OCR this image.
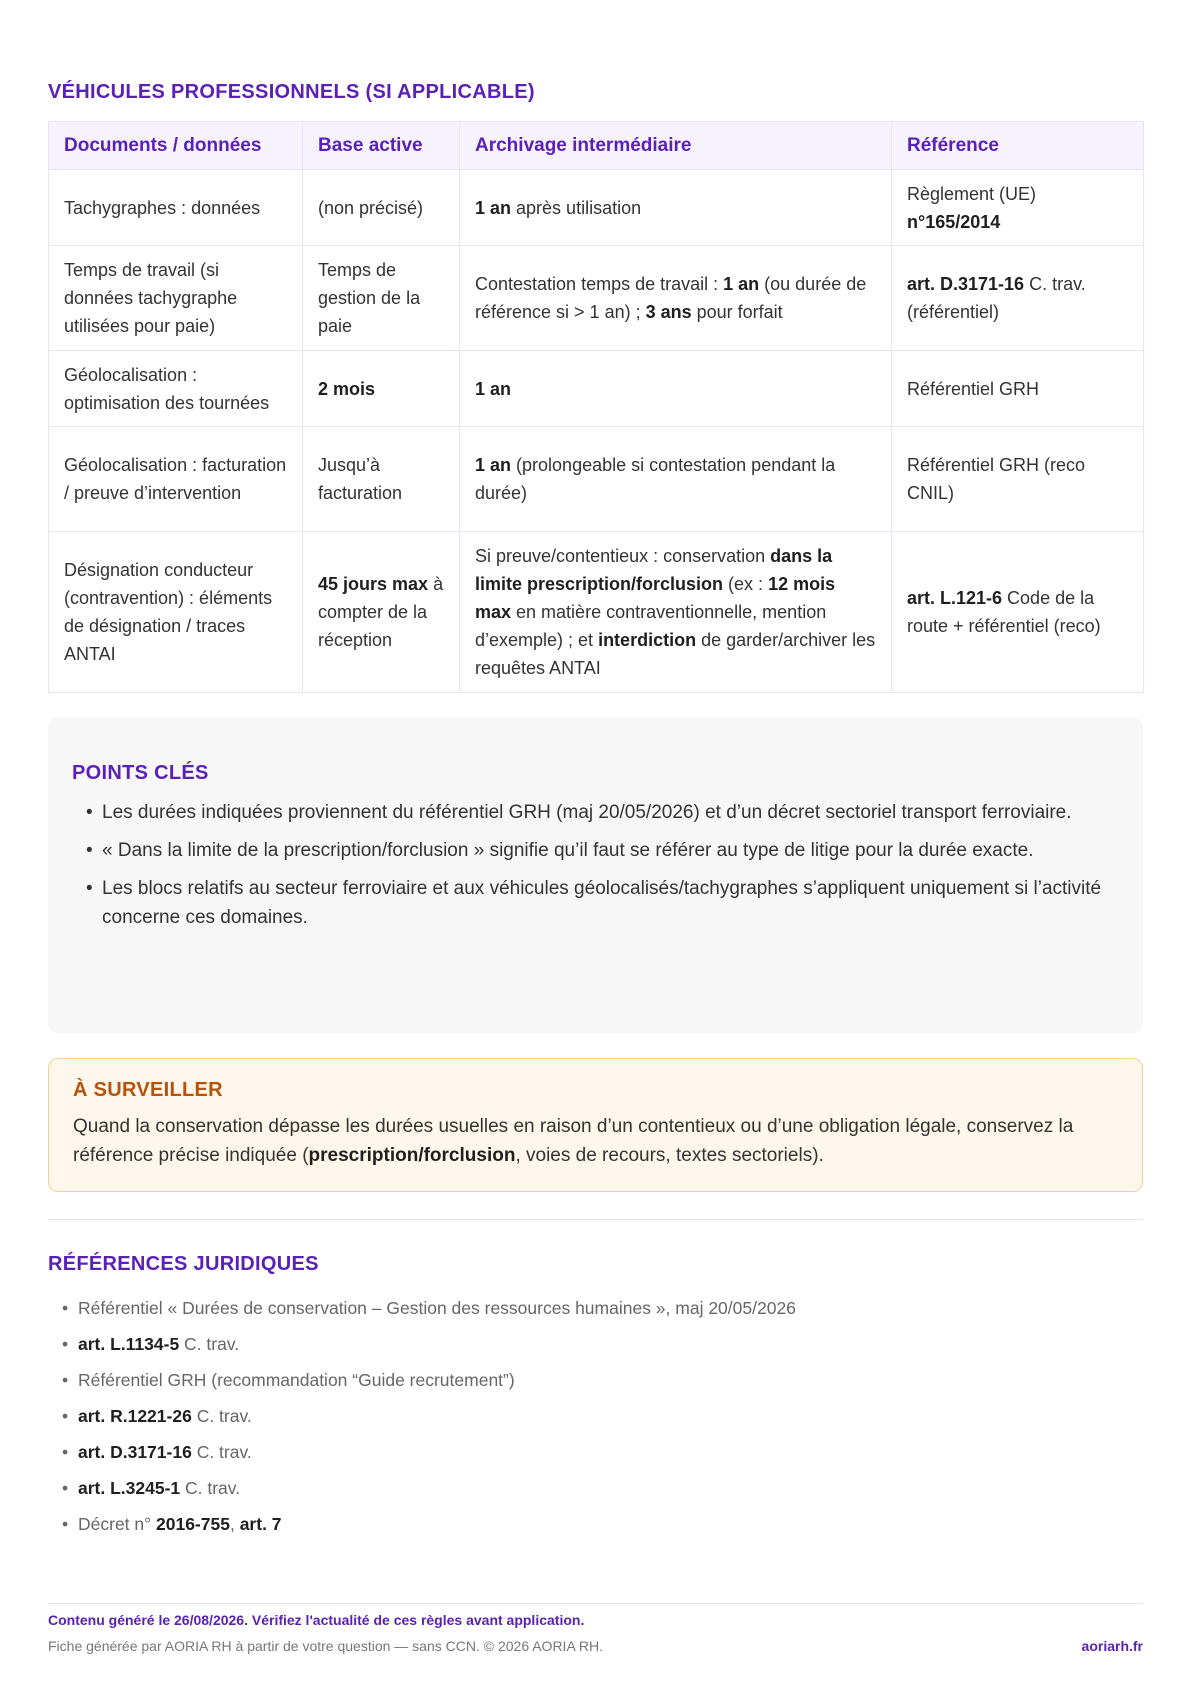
VÉHICULES PROFESSIONNELS (SI APPLICABLE)
Documents / données	Base active	Archivage intermédiaire	Référence
Tachygraphes : données	(non précisé)	1 an après utilisation	Règlement (UE) n°165/2014
Temps de travail (si données tachygraphe utilisées pour paie)	Temps de gestion de la paie	Contestation temps de travail : 1 an (ou durée de référence si > 1 an) ; 3 ans pour forfait	art. D.3171-16 C. trav. (référentiel)
Géolocalisation : optimisation des tournées	2 mois	1 an	Référentiel GRH
Géolocalisation : facturation / preuve d’intervention	Jusqu’à facturation	1 an (prolongeable si contestation pendant la durée)	Référentiel GRH (reco CNIL)
Désignation conducteur (contravention) : éléments de désignation / traces ANTAI	45 jours max à compter de la réception	Si preuve/contentieux : conservation dans la limite prescription/forclusion (ex : 12 mois max en matière contraventionnelle, mention d’exemple) ; et interdiction de garder/archiver les requêtes ANTAI	art. L.121-6 Code de la route + référentiel (reco)
POINTS CLÉS
• Les durées indiquées proviennent du référentiel GRH (maj 20/05/2026) et d’un décret sectoriel transport ferroviaire.
• « Dans la limite de la prescription/forclusion » signifie qu’il faut se référer au type de litige pour la durée exacte.
• Les blocs relatifs au secteur ferroviaire et aux véhicules géolocalisés/tachygraphes s’appliquent uniquement si l’activité concerne ces domaines.
À SURVEILLER

Quand la conservation dépasse les durées usuelles en raison d’un contentieux ou d’une obligation légale, conservez la référence précise indiquée (prescription/forclusion, voies de recours, textes sectoriels).

RÉFÉRENCES JURIDIQUES
• Référentiel « Durées de conservation – Gestion des ressources humaines », maj 20/05/2026
• art. L.1134-5 C. trav.
• Référentiel GRH (recommandation “Guide recrutement”)
• art. R.1221-26 C. trav.
• art. D.3171-16 C. trav.
• art. L.3245-1 C. trav.
• Décret n° 2016-755, art. 7
Contenu généré le 26/08/2026. Vérifiez l'actualité de ces règles avant application.
Fiche générée par AORIA RH à partir de votre question — sans CCN. © 2026 AORIA RH.	aoriarh.fr
